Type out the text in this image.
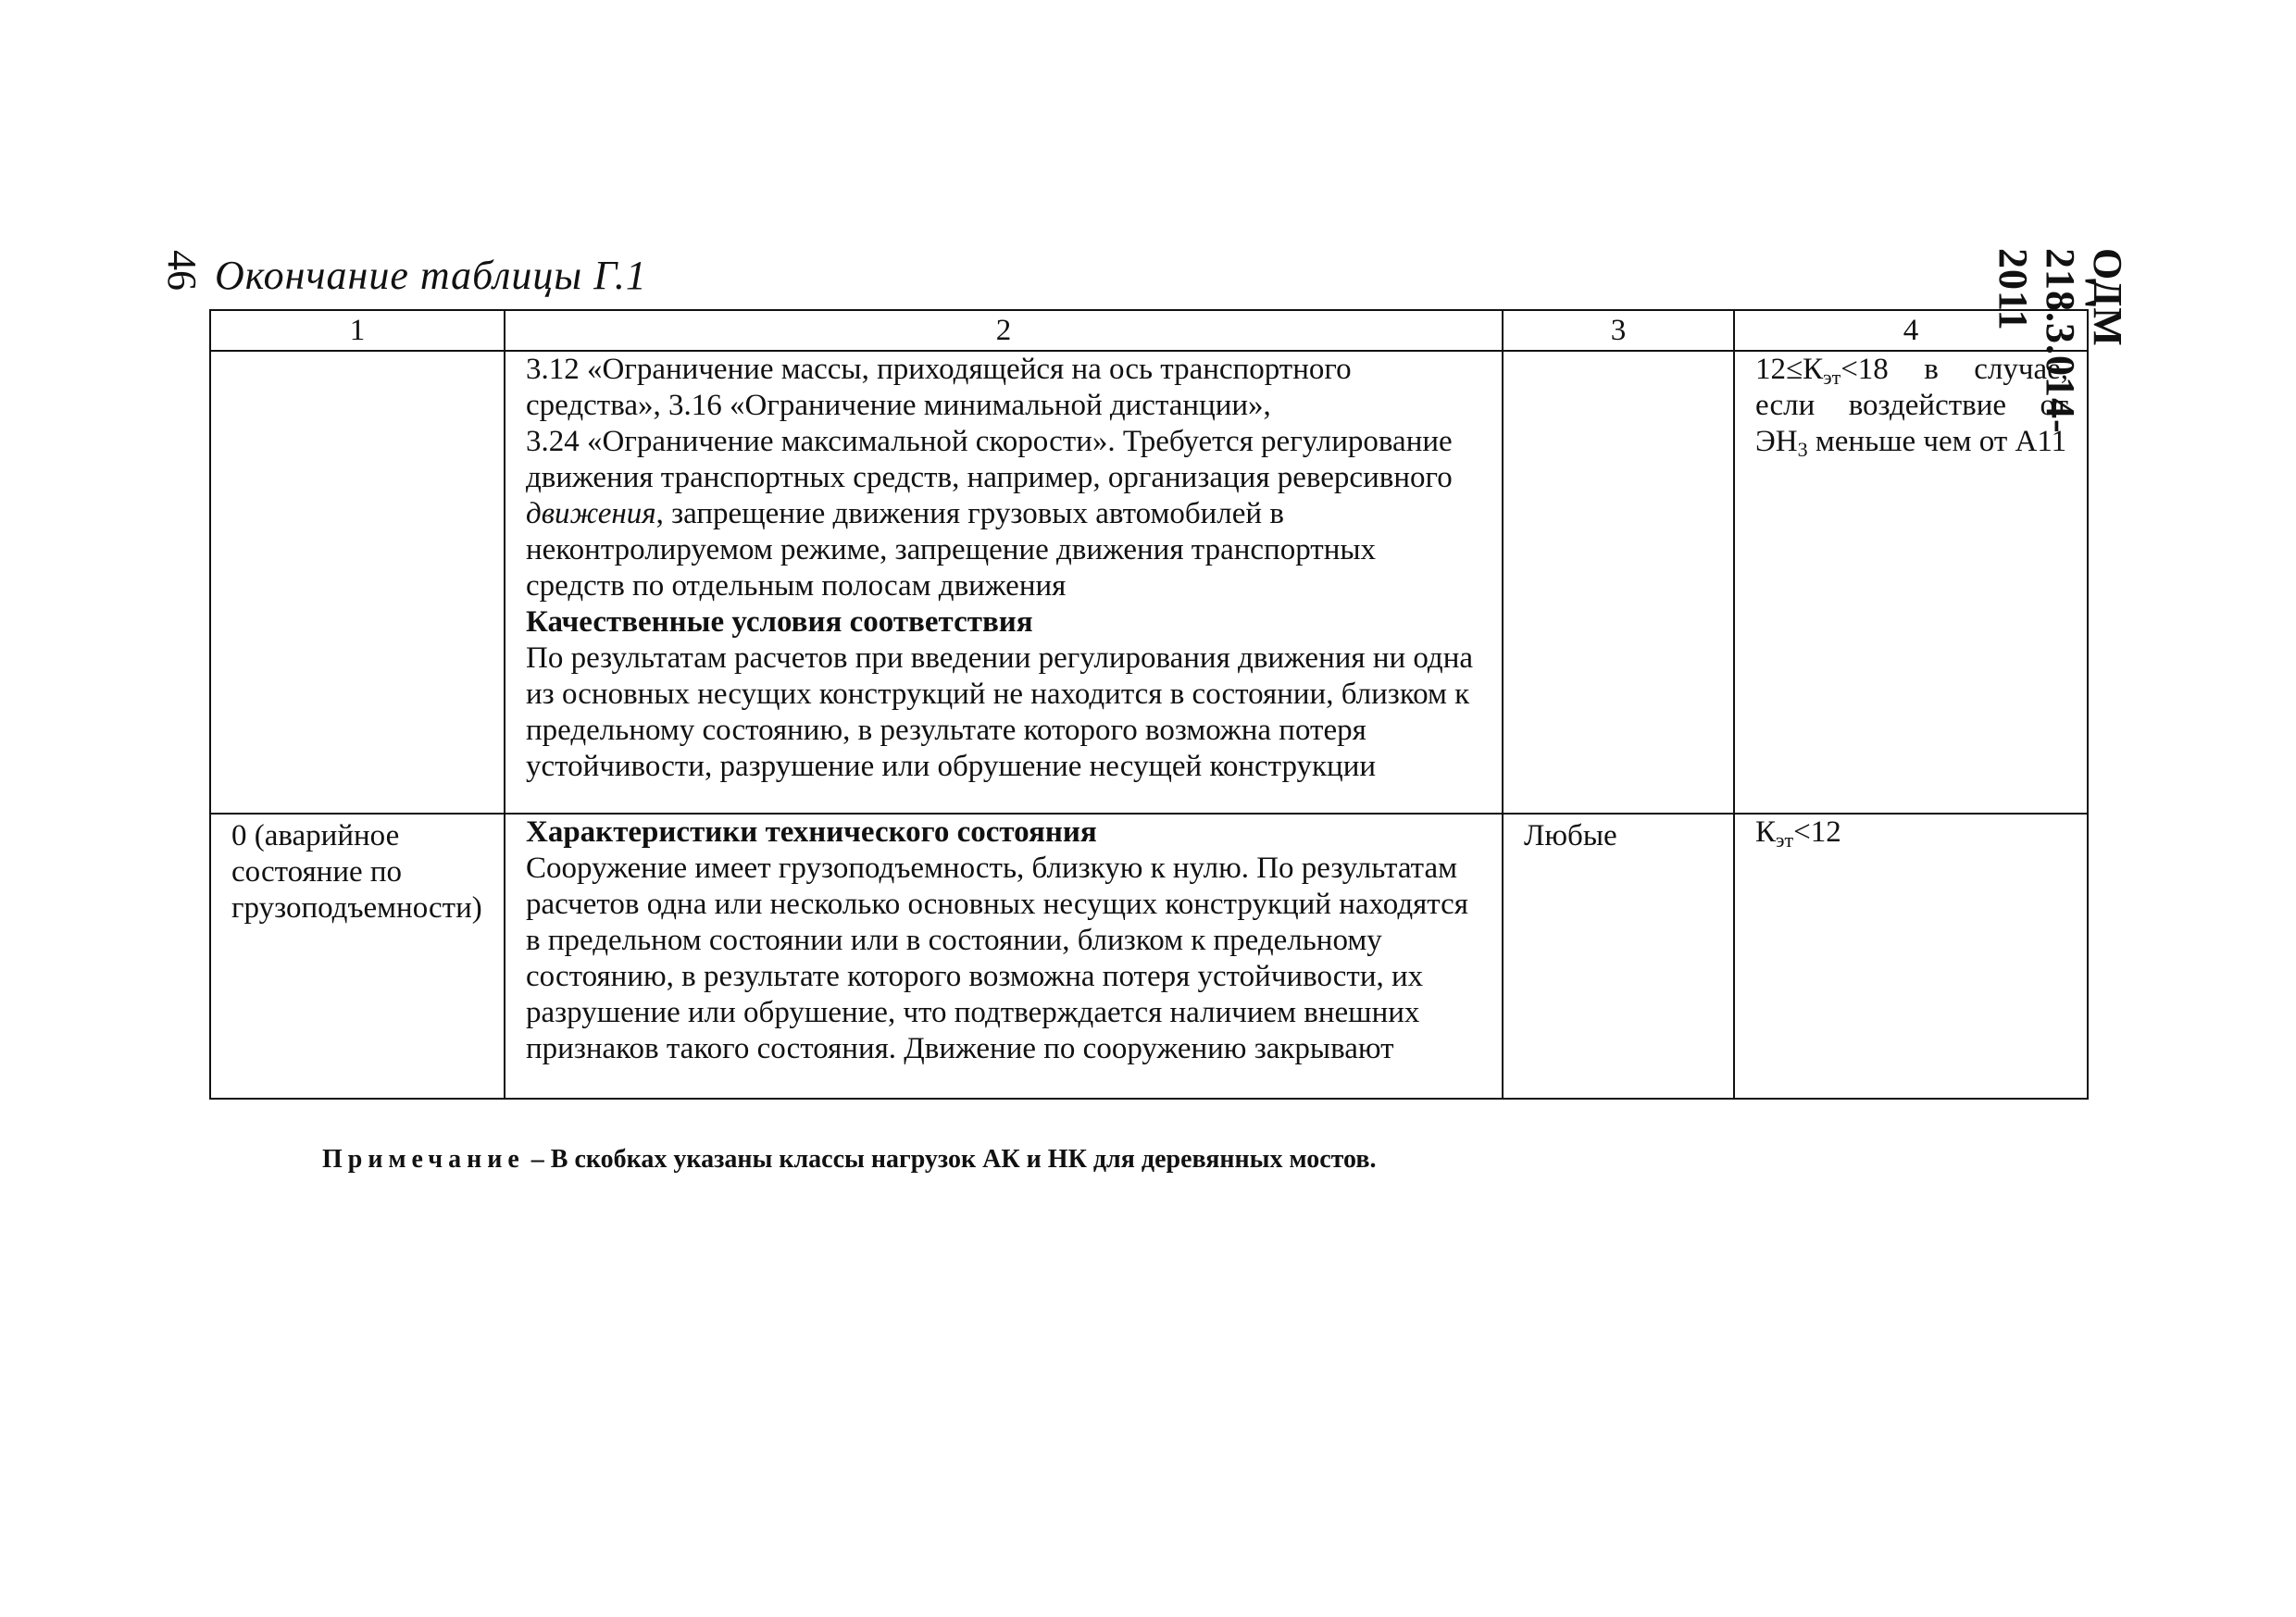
46 Окончание таблицы Г.1	ОДМ 218.3.014-2011
1	2	3	4

	3.12 «Ограничение массы, приходящейся на ось транспортного средства», 3.16 «Ограничение минимальной дистанции»,
3.24 «Ограничение максимальной скорости». Требуется регулирование движения транспортных средств, например, организация реверсивного движения, запрещение движения грузовых автомобилей в неконтролируемом режиме, запрещение движения транспортных средств по отдельным полосам движения
Качественные условия соответствия
По результатам расчетов при введении регулирования движения ни одна из основных несущих конструкций не находится в состоянии, близком к предельному состоянию, в результате которого возможна потеря устойчивости, разрушение или обрушение несущей конструкции		$12\le К_{эт}<18$ в случае, если воздействие от $ЭН_3$ меньше чем от А11
0 (аварийное состояние по грузоподъемности)	Характеристики технического состояния
Сооружение имеет грузоподъемность, близкую к нулю. По результатам расчетов одна или несколько основных несущих конструкций находятся в предельном состоянии или в состоянии, близком к предельному состоянию, в результате которого возможна потеря устойчивости, их разрушение или обрушение, что подтверждается наличием внешних признаков такого состояния. Движение по сооружению закрывают	Любые	$К_{эт}<12$
Примечание – В скобках указаны классы нагрузок АК и НК для деревянных мостов.
